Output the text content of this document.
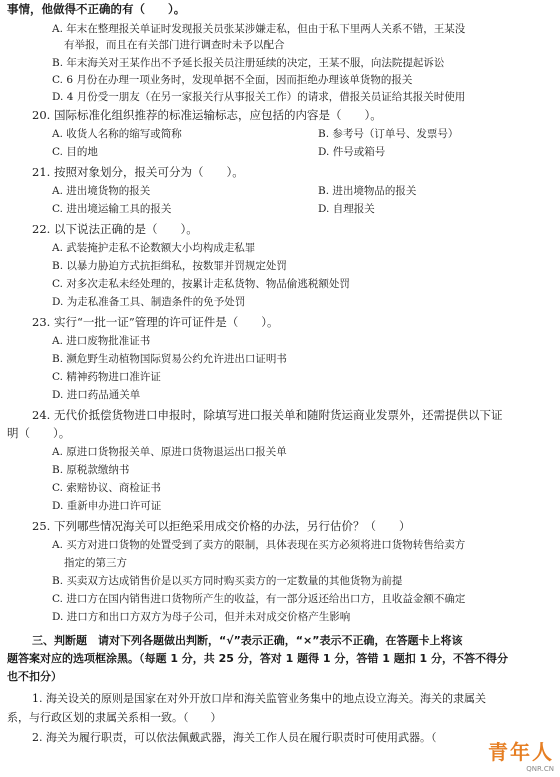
事情，他做得不正确的有（　　）。
A. 年末在整理报关单证时发现报关员张某涉嫌走私，但由于私下里两人关系不错，王某没
有举报，而且在有关部门进行调查时未予以配合
B. 年末海关对王某作出不予延长报关员注册延续的决定，王某不服，向法院提起诉讼
C. 6 月份在办理一项业务时，发现单据不全面，因而拒绝办理该单货物的报关
D. 4 月份受一朋友（在另一家报关行从事报关工作）的请求，借报关员证给其报关时使用
20. 国际标准化组织推荐的标准运输标志，应包括的内容是（　　）。
A. 收货人名称的缩写或简称	B. 参考号（订单号、发票号）
C. 目的地	D. 件号或箱号
21. 按照对象划分，报关可分为（　　）。
A. 进出境货物的报关	B. 进出境物品的报关
C. 进出境运输工具的报关	D. 自理报关
22. 以下说法正确的是（　　）。
A. 武装掩护走私不论数额大小均构成走私罪
B. 以暴力胁迫方式抗拒缉私，按数罪并罚规定处罚
C. 对多次走私未经处理的，按累计走私货物、物品偷逃税额处罚
D. 为走私准备工具、制造条件的免予处罚
23. 实行“一批一证”管理的许可证件是（　　）。
A. 进口废物批准证书
B. 濒危野生动植物国际贸易公约允许进出口证明书
C. 精神药物进口准许证
D. 进口药品通关单
24. 无代价抵偿货物进口申报时，除填写进口报关单和随附货运商业发票外，还需提供以下证
明（　　）。
A. 原进口货物报关单、原进口货物退运出口报关单
B. 原税款缴纳书
C. 索赔协议、商检证书
D. 重新申办进口许可证
25. 下列哪些情况海关可以拒绝采用成交价格的办法，另行估价？（　　）
A. 买方对进口货物的处置受到了卖方的限制，具体表现在买方必须将进口货物转售给卖方
指定的第三方
B. 买卖双方达成销售价是以买方同时购买卖方的一定数量的其他货物为前提
C. 进口方在国内销售进口货物所产生的收益，有一部分返还给出口方，且收益金额不确定
D. 进口方和出口方双方为母子公司，但并未对成交价格产生影响
三、判断题　请对下列各题做出判断，“√”表示正确，“×”表示不正确，在答题卡上将该
题答案对应的选项框涂黑。（每题 1 分，共 25 分，答对 1 题得 1 分，答错 1 题扣 1 分，不答不得分
也不扣分）
1. 海关设关的原则是国家在对外开放口岸和海关监管业务集中的地点设立海关。海关的隶属关
系，与行政区划的隶属关系相一致。（　　）
2. 海关为履行职责，可以依法佩戴武器，海关工作人员在履行职责时可使用武器。（
青年人
QNR.CN
